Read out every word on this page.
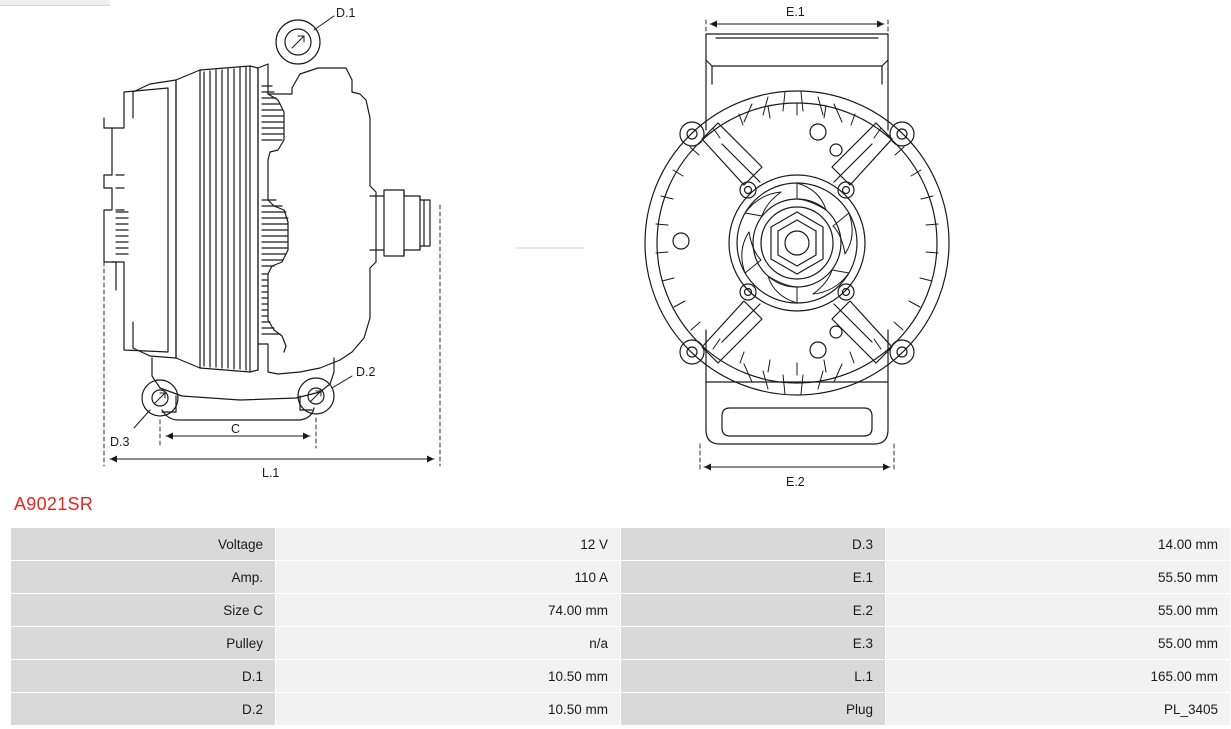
D.1
D.2
D.3
C
L.1
E.1
E.2
A9021SR
Voltage	12 V	D.3	14.00 mm
Amp.	110 A	E.1	55.50 mm
Size C	74.00 mm	E.2	55.00 mm
Pulley	n/a	E.3	55.00 mm
D.1	10.50 mm	L.1	165.00 mm
D.2	10.50 mm	Plug	PL_3405
